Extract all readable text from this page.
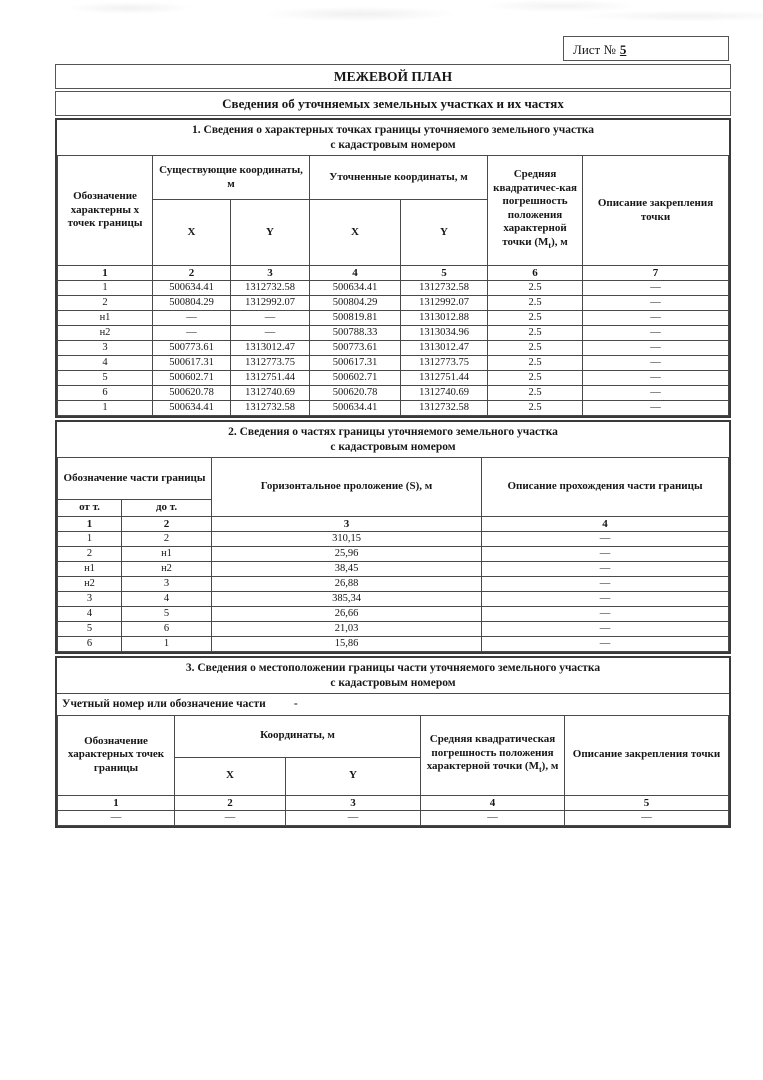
Лист № 5
МЕЖЕВОЙ ПЛАН
Сведения об уточняемых земельных участках и их частях
1. Сведения о характерных точках границы уточняемого земельного участка
с кадастровым номером
Обозначение характерны х точек границы	Существующие координаты, м		Уточненные координаты, м		Средняя квадратичес-кая погрешность положения характерной точки $(М_t)$, м	Описание закрепления точки
	X	Y	X	Y		
1	2	3	4	5	6	7
1	500634.41	1312732.58	500634.41	1312732.58	2.5	—
2	500804.29	1312992.07	500804.29	1312992.07	2.5	—
н1	—	—	500819.81	1313012.88	2.5	—
н2	—	—	500788.33	1313034.96	2.5	—
3	500773.61	1313012.47	500773.61	1313012.47	2.5	—
4	500617.31	1312773.75	500617.31	1312773.75	2.5	—
5	500602.71	1312751.44	500602.71	1312751.44	2.5	—
6	500620.78	1312740.69	500620.78	1312740.69	2.5	—
1	500634.41	1312732.58	500634.41	1312732.58	2.5	—
2. Сведения о частях границы уточняемого земельного участка
с кадастровым номером
Обозначение части границы		Горизонтальное проложение (S), м	Описание прохождения части границы
от т.	до т.		
1	2	3	4
1	2	310,15	—
2	н1	25,96	—
н1	н2	38,45	—
н2	3	26,88	—
3	4	385,34	—
4	5	26,66	—
5	6	21,03	—
6	1	15,86	—
3. Сведения о местоположении границы части уточняемого земельного участка
с кадастровым номером
Учетный номер или обозначение части -
Обозначение характерных точек границы	Координаты, м		Средняя квадратическая погрешность положения характерной точки $(М_t)$, м	Описание закрепления точки
	X	Y		
1	2	3	4	5
—	—	—	—	—
